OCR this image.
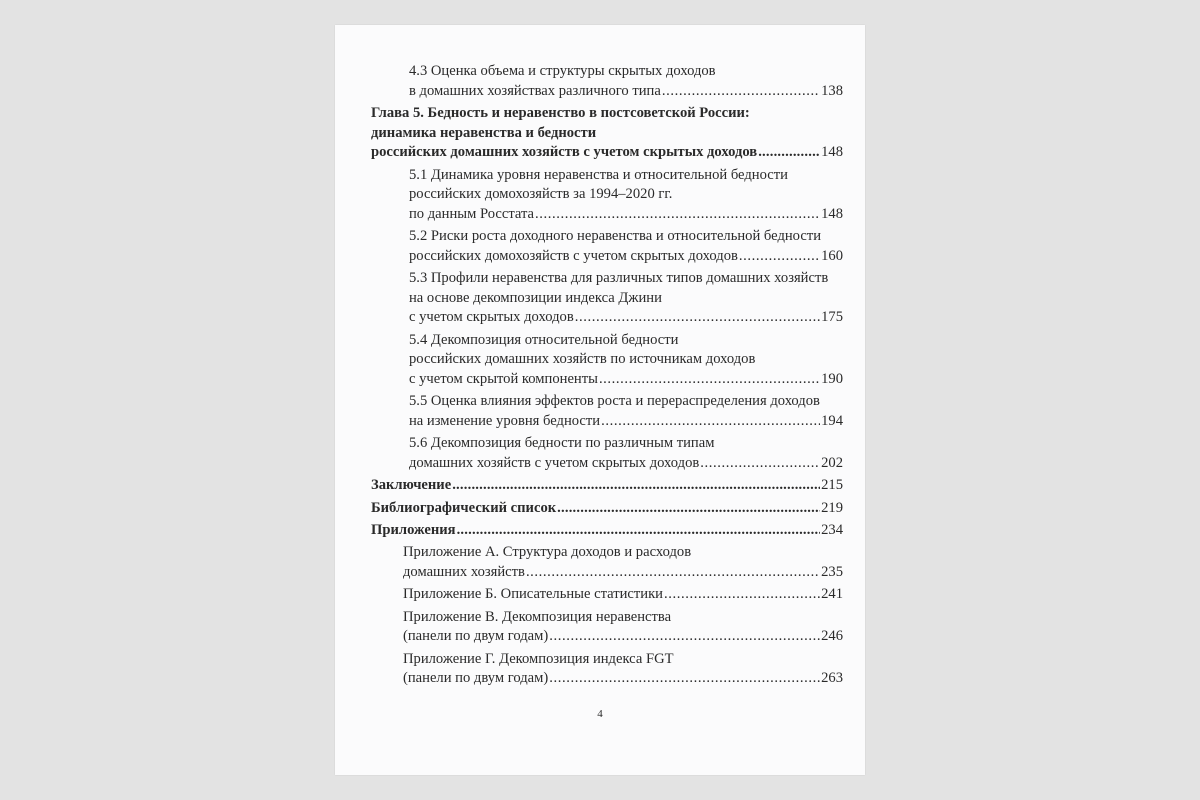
4.3 Оценка объема и структуры скрытых доходов
в домашних хозяйствах различного типа .....	138
Глава 5. Бедность и неравенство в постсоветской России:
динамика неравенства и бедности
российских домашних хозяйств с учетом скрытых доходов .....	148
5.1 Динамика уровня неравенства и относительной бедности
российских домохозяйств за 1994–2020 гг.
по данным Росстата .....	148
5.2 Риски роста доходного неравенства и относительной бедности
российских домохозяйств с учетом скрытых доходов .....	160
5.3 Профили неравенства для различных типов домашних хозяйств
на основе декомпозиции индекса Джини
с учетом скрытых доходов .....	175
5.4 Декомпозиция относительной бедности
российских домашних хозяйств по источникам доходов
с учетом скрытой компоненты .....	190
5.5 Оценка влияния эффектов роста и перераспределения доходов
на изменение уровня бедности .....	194
5.6 Декомпозиция бедности по различным типам
домашних хозяйств с учетом скрытых доходов .....	202
Заключение .....	215
Библиографический список .....	219
Приложения .....	234
Приложение А. Структура доходов и расходов
домашних хозяйств .....	235
Приложение Б. Описательные статистики .....	241
Приложение В. Декомпозиция неравенства
(панели по двум годам) .....	246
Приложение Г. Декомпозиция индекса FGT
(панели по двум годам) .....	263
4
